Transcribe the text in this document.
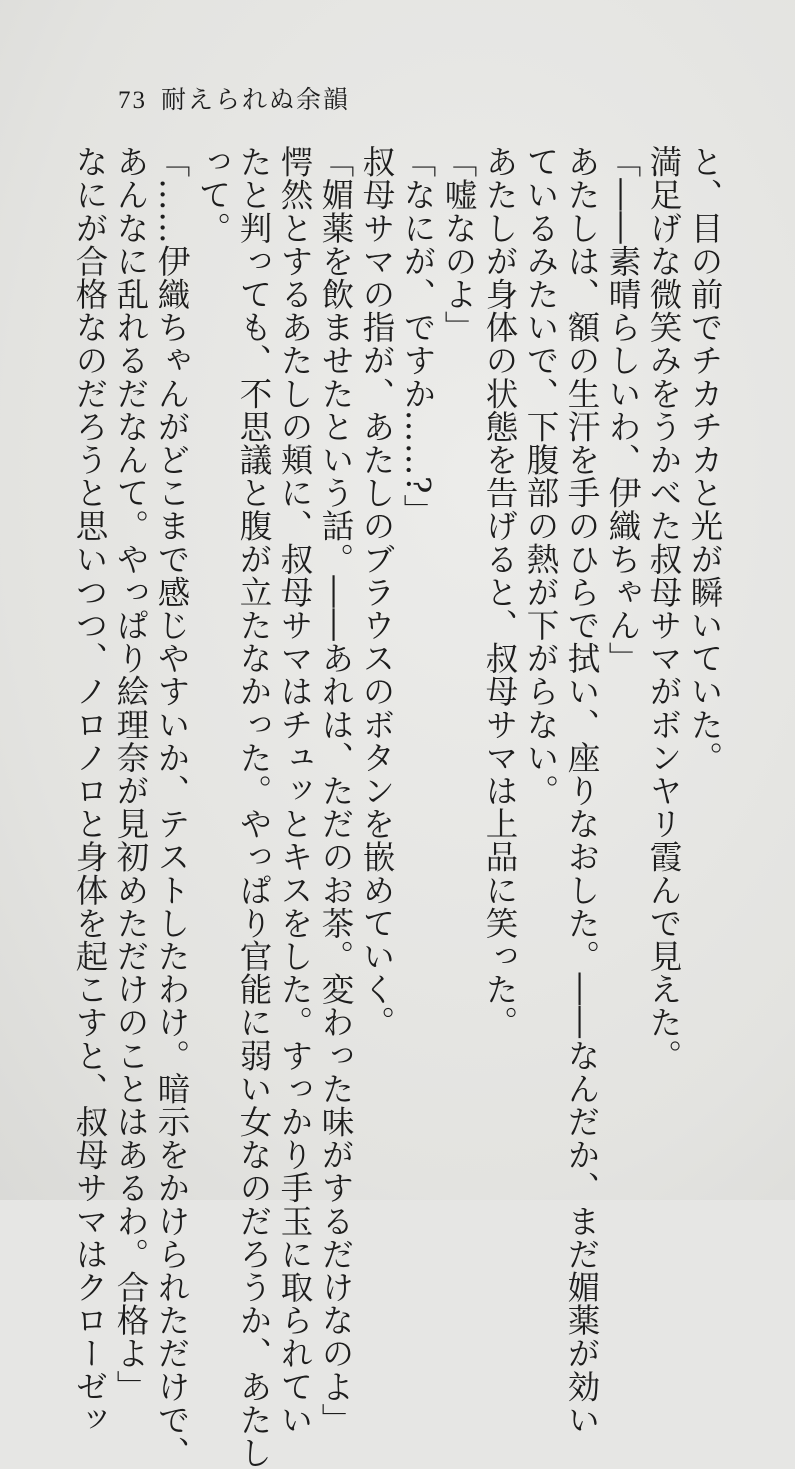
73 耐えられぬ余韻
と、目の前でチカチカと光が瞬いていた。
満足げな微笑みをうかべた叔母サマがボンヤリ霞んで見えた。
「――素晴らしいわ、伊織ちゃん」
あたしは、額の生汗を手のひらで拭い、座りなおした。――なんだか、まだ媚薬が効い
ているみたいで、下腹部の熱が下がらない。
あたしが身体の状態を告げると、叔母サマは上品に笑った。
「嘘なのよ」
「なにが、ですか……?」
叔母サマの指が、あたしのブラウスのボタンを嵌めていく。
「媚薬を飲ませたという話。――あれは、ただのお茶。変わった味がするだけなのよ」
愕然とするあたしの頬に、叔母サマはチュッとキスをした。すっかり手玉に取られてい
たと判っても、不思議と腹が立たなかった。やっぱり官能に弱い女なのだろうか、あたし
って。
「……伊織ちゃんがどこまで感じやすいか、テストしたわけ。暗示をかけられただけで、
あんなに乱れるだなんて。やっぱり絵理奈が見初めただけのことはあるわ。合格よ」
なにが合格なのだろうと思いつつ、ノロノロと身体を起こすと、叔母サマはクローゼッ
